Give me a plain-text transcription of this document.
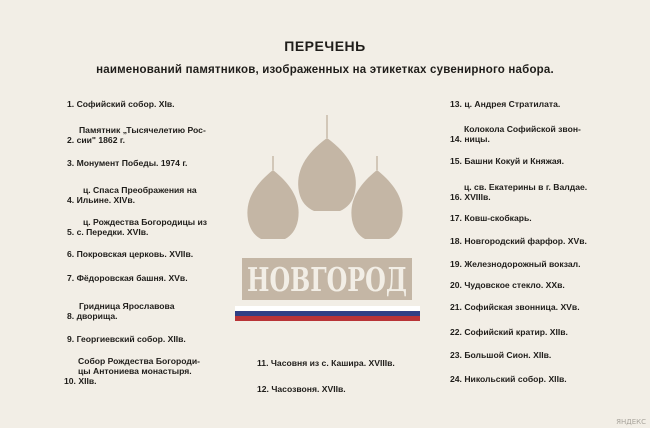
ПЕРЕЧЕНЬ
наименований памятников, изображенных на этикетках сувенирного набора.
1. Софийский собор. XIв.
Памятник „Тысячелетию Рос-
2. сии" 1862 г.
3. Монумент Победы. 1974 г.
ц. Спаса Преображения на
4. Ильине. XIVв.
ц. Рождества Богородицы из
5. с. Передки. XVIв.
6. Покровская церковь. XVIIв.
7. Фёдоровская башня. XVв.
Гридница Ярославова
8. дворища.
9. Георгиевский собор. XIIв.
Собор Рождества Богороди-
цы Антониева монастыря.
10. XIIв.
11. Часовня из с. Кашира. XVIIIв.
12. Часозвоня. XVIIв.
13. ц. Андрея Стратилата.
Колокола Софийской звон-
14. ницы.
15. Башни Кокуй и Княжая.
ц. св. Екатерины в г. Валдае.
16. XVIIIв.
17. Ковш-скобкарь.
18. Новгородский фарфор. XVв.
19. Железнодорожный вокзал.
20. Чудовское стекло. XXв.
21. Софийская звонница. XVв.
22. Софийский кратир. XIIв.
23. Большой Сион. XIIв.
24. Никольский собор. XIIв.
НОВГОРОД
ЯНДЕКС
